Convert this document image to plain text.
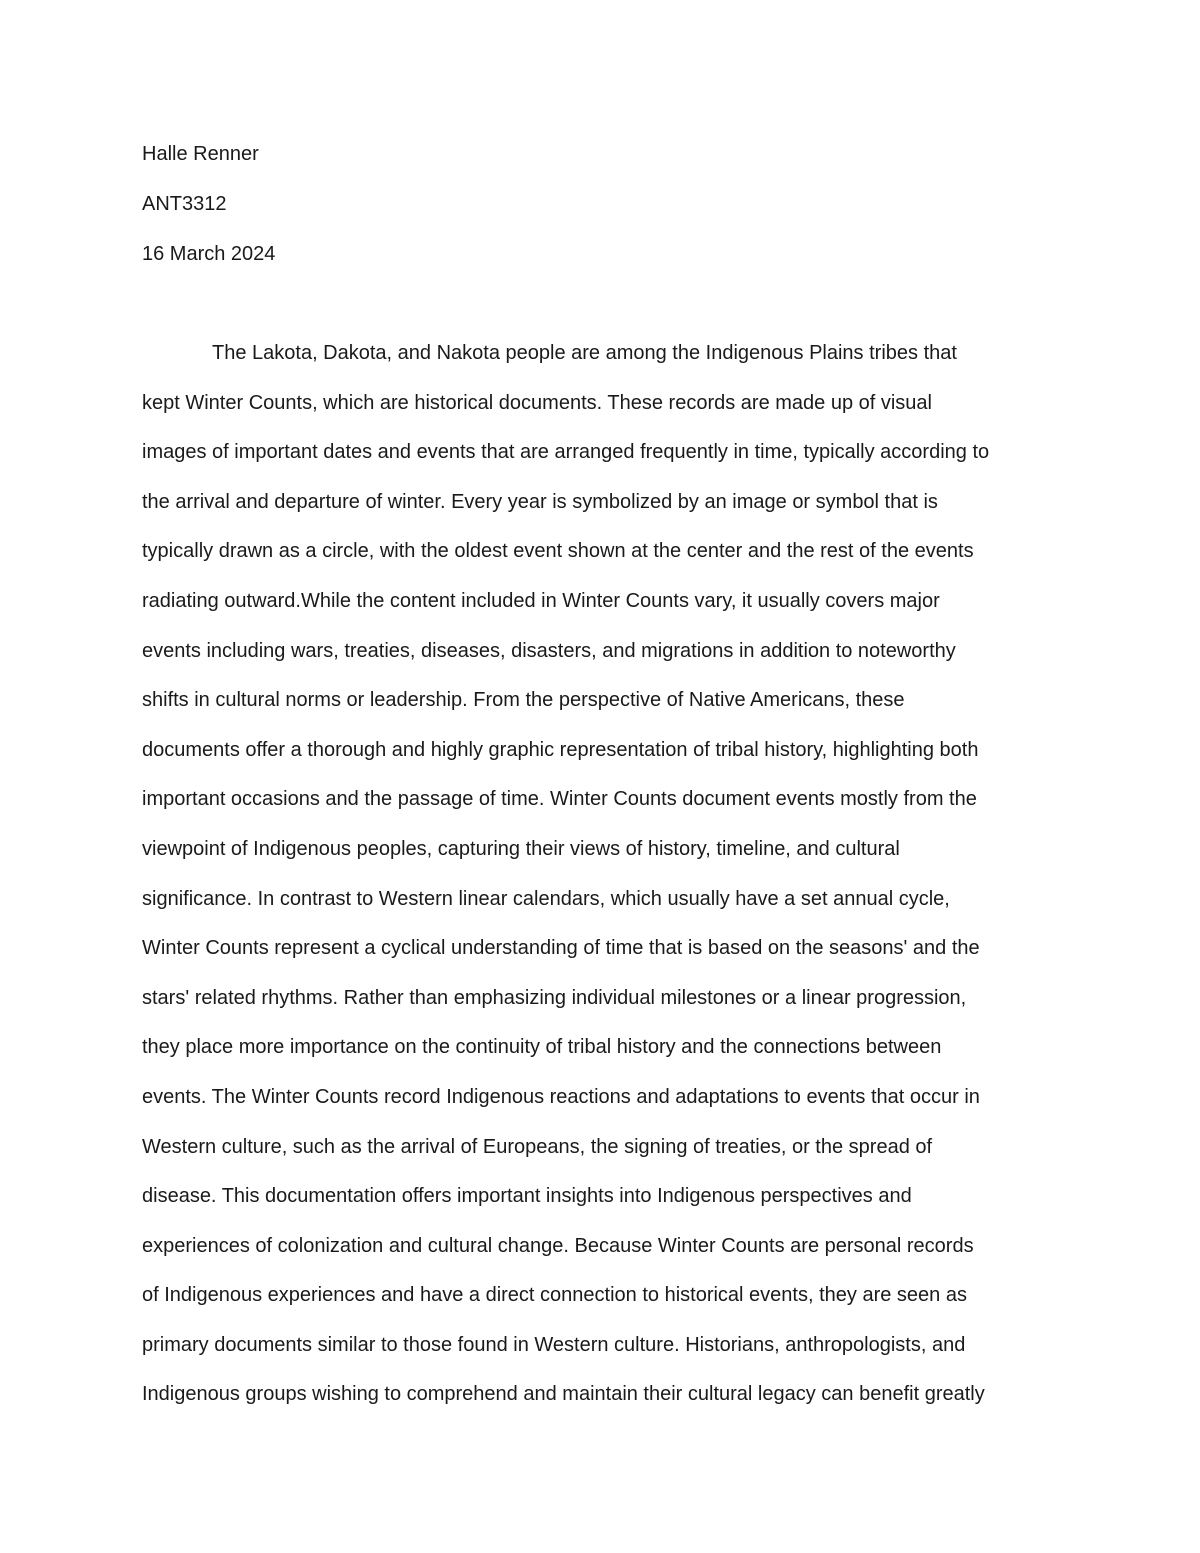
Halle Renner
ANT3312
16 March 2024
The Lakota, Dakota, and Nakota people are among the Indigenous Plains tribes that
kept Winter Counts, which are historical documents. These records are made up of visual
images of important dates and events that are arranged frequently in time, typically according to
the arrival and departure of winter. Every year is symbolized by an image or symbol that is
typically drawn as a circle, with the oldest event shown at the center and the rest of the events
radiating outward.While the content included in Winter Counts vary, it usually covers major
events including wars, treaties, diseases, disasters, and migrations in addition to noteworthy
shifts in cultural norms or leadership. From the perspective of Native Americans, these
documents offer a thorough and highly graphic representation of tribal history, highlighting both
important occasions and the passage of time. Winter Counts document events mostly from the
viewpoint of Indigenous peoples, capturing their views of history, timeline, and cultural
significance. In contrast to Western linear calendars, which usually have a set annual cycle,
Winter Counts represent a cyclical understanding of time that is based on the seasons' and the
stars' related rhythms. Rather than emphasizing individual milestones or a linear progression,
they place more importance on the continuity of tribal history and the connections between
events. The Winter Counts record Indigenous reactions and adaptations to events that occur in
Western culture, such as the arrival of Europeans, the signing of treaties, or the spread of
disease. This documentation offers important insights into Indigenous perspectives and
experiences of colonization and cultural change. Because Winter Counts are personal records
of Indigenous experiences and have a direct connection to historical events, they are seen as
primary documents similar to those found in Western culture. Historians, anthropologists, and
Indigenous groups wishing to comprehend and maintain their cultural legacy can benefit greatly
